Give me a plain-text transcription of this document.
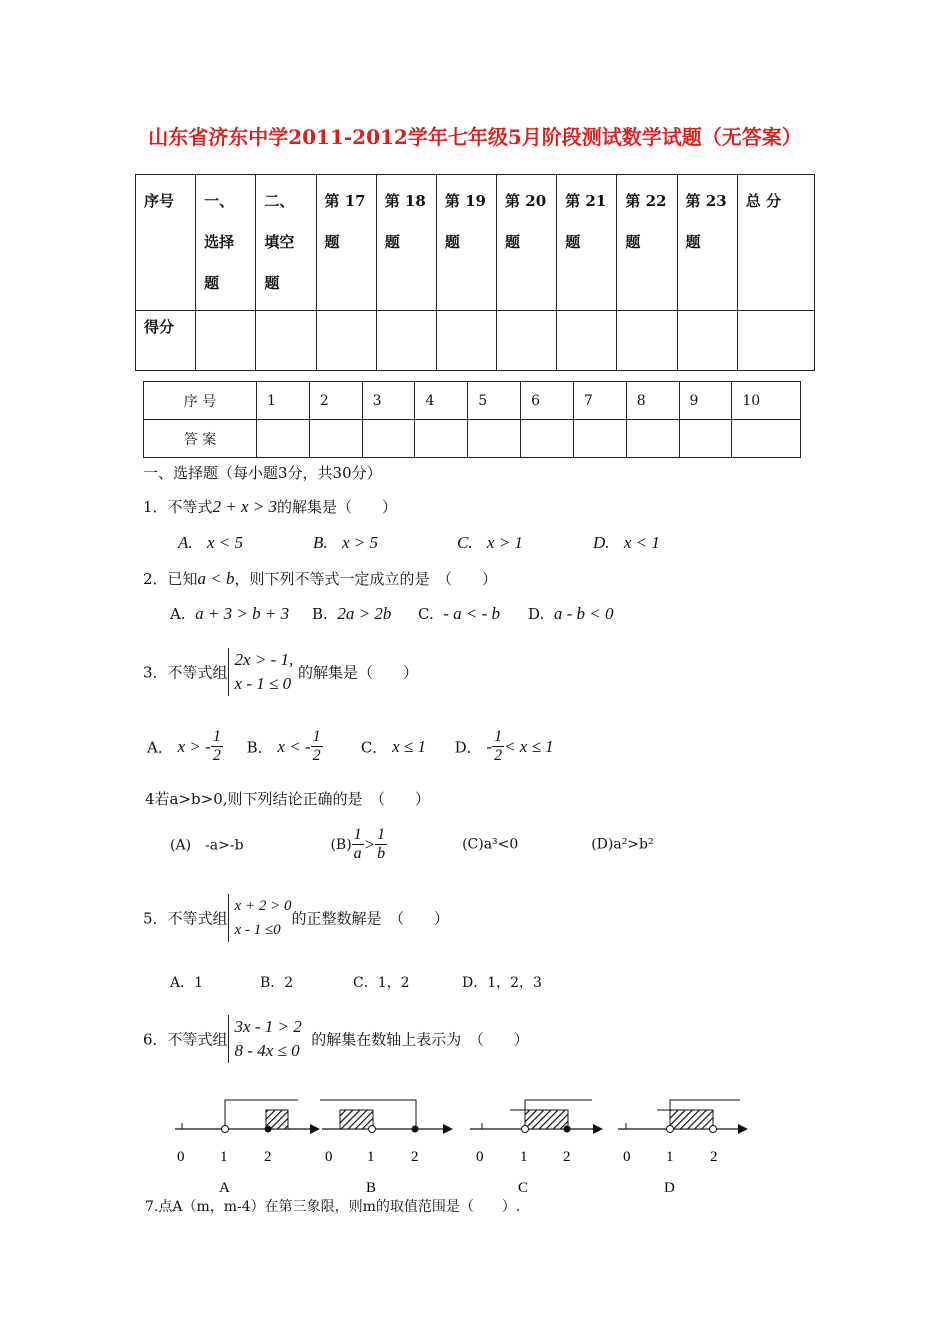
山东省济东中学2011-2012学年七年级5月阶段测试数学试题（无答案）
序号	一、选择题	二、填空题	第 17 题	第 18 题	第 19 题	第 20 题	第 21 题	第 22 题	第 23 题	总 分
得分										
序 号	1	2	3	4	5	6	7	8	9	10
答 案										
一、选择题（每小题3分，共30分）
1．不等式2 + x > 3的解集是（　　）
A. x < 5	B. x > 5	C. x > 1	D. x < 1
2．已知a < b，则下列不等式一定成立的是　（　　）
A. a + 3 > b + 3 B. 2a > 2b C. - a < - b D. a - b < 0
3．不等式组2x > - 1,
x - 1 ≤ 0 的解集是（　　）
A． x > - $\frac{1}{2}$ B． x < - $\frac{1}{2}$	C． x ≤ 1 D． - $\frac{1}{2} < x \le 1$
4若a>b>0,则下列结论正确的是　（　　）
(A)　-a>-b	$(B) \frac{1}{a} > \frac{1}{b}$	(C)a³<0	(D)a²>b²
5．不等式组x + 2 > 0
x - 1 ≤0的正整数解是　（　　）
A．1	B．2	C．1，2	D．1，2，3
6．不等式组3x - 1 > 2
8 - 4x ≤ 0  的解集在数轴上表示为　（　　）
0 1 2
A
0 1 2
B
0 1 2
C
0 1 2
D
7.点A（m，m-4）在第三象限，则m的取值范围是（　　）.
